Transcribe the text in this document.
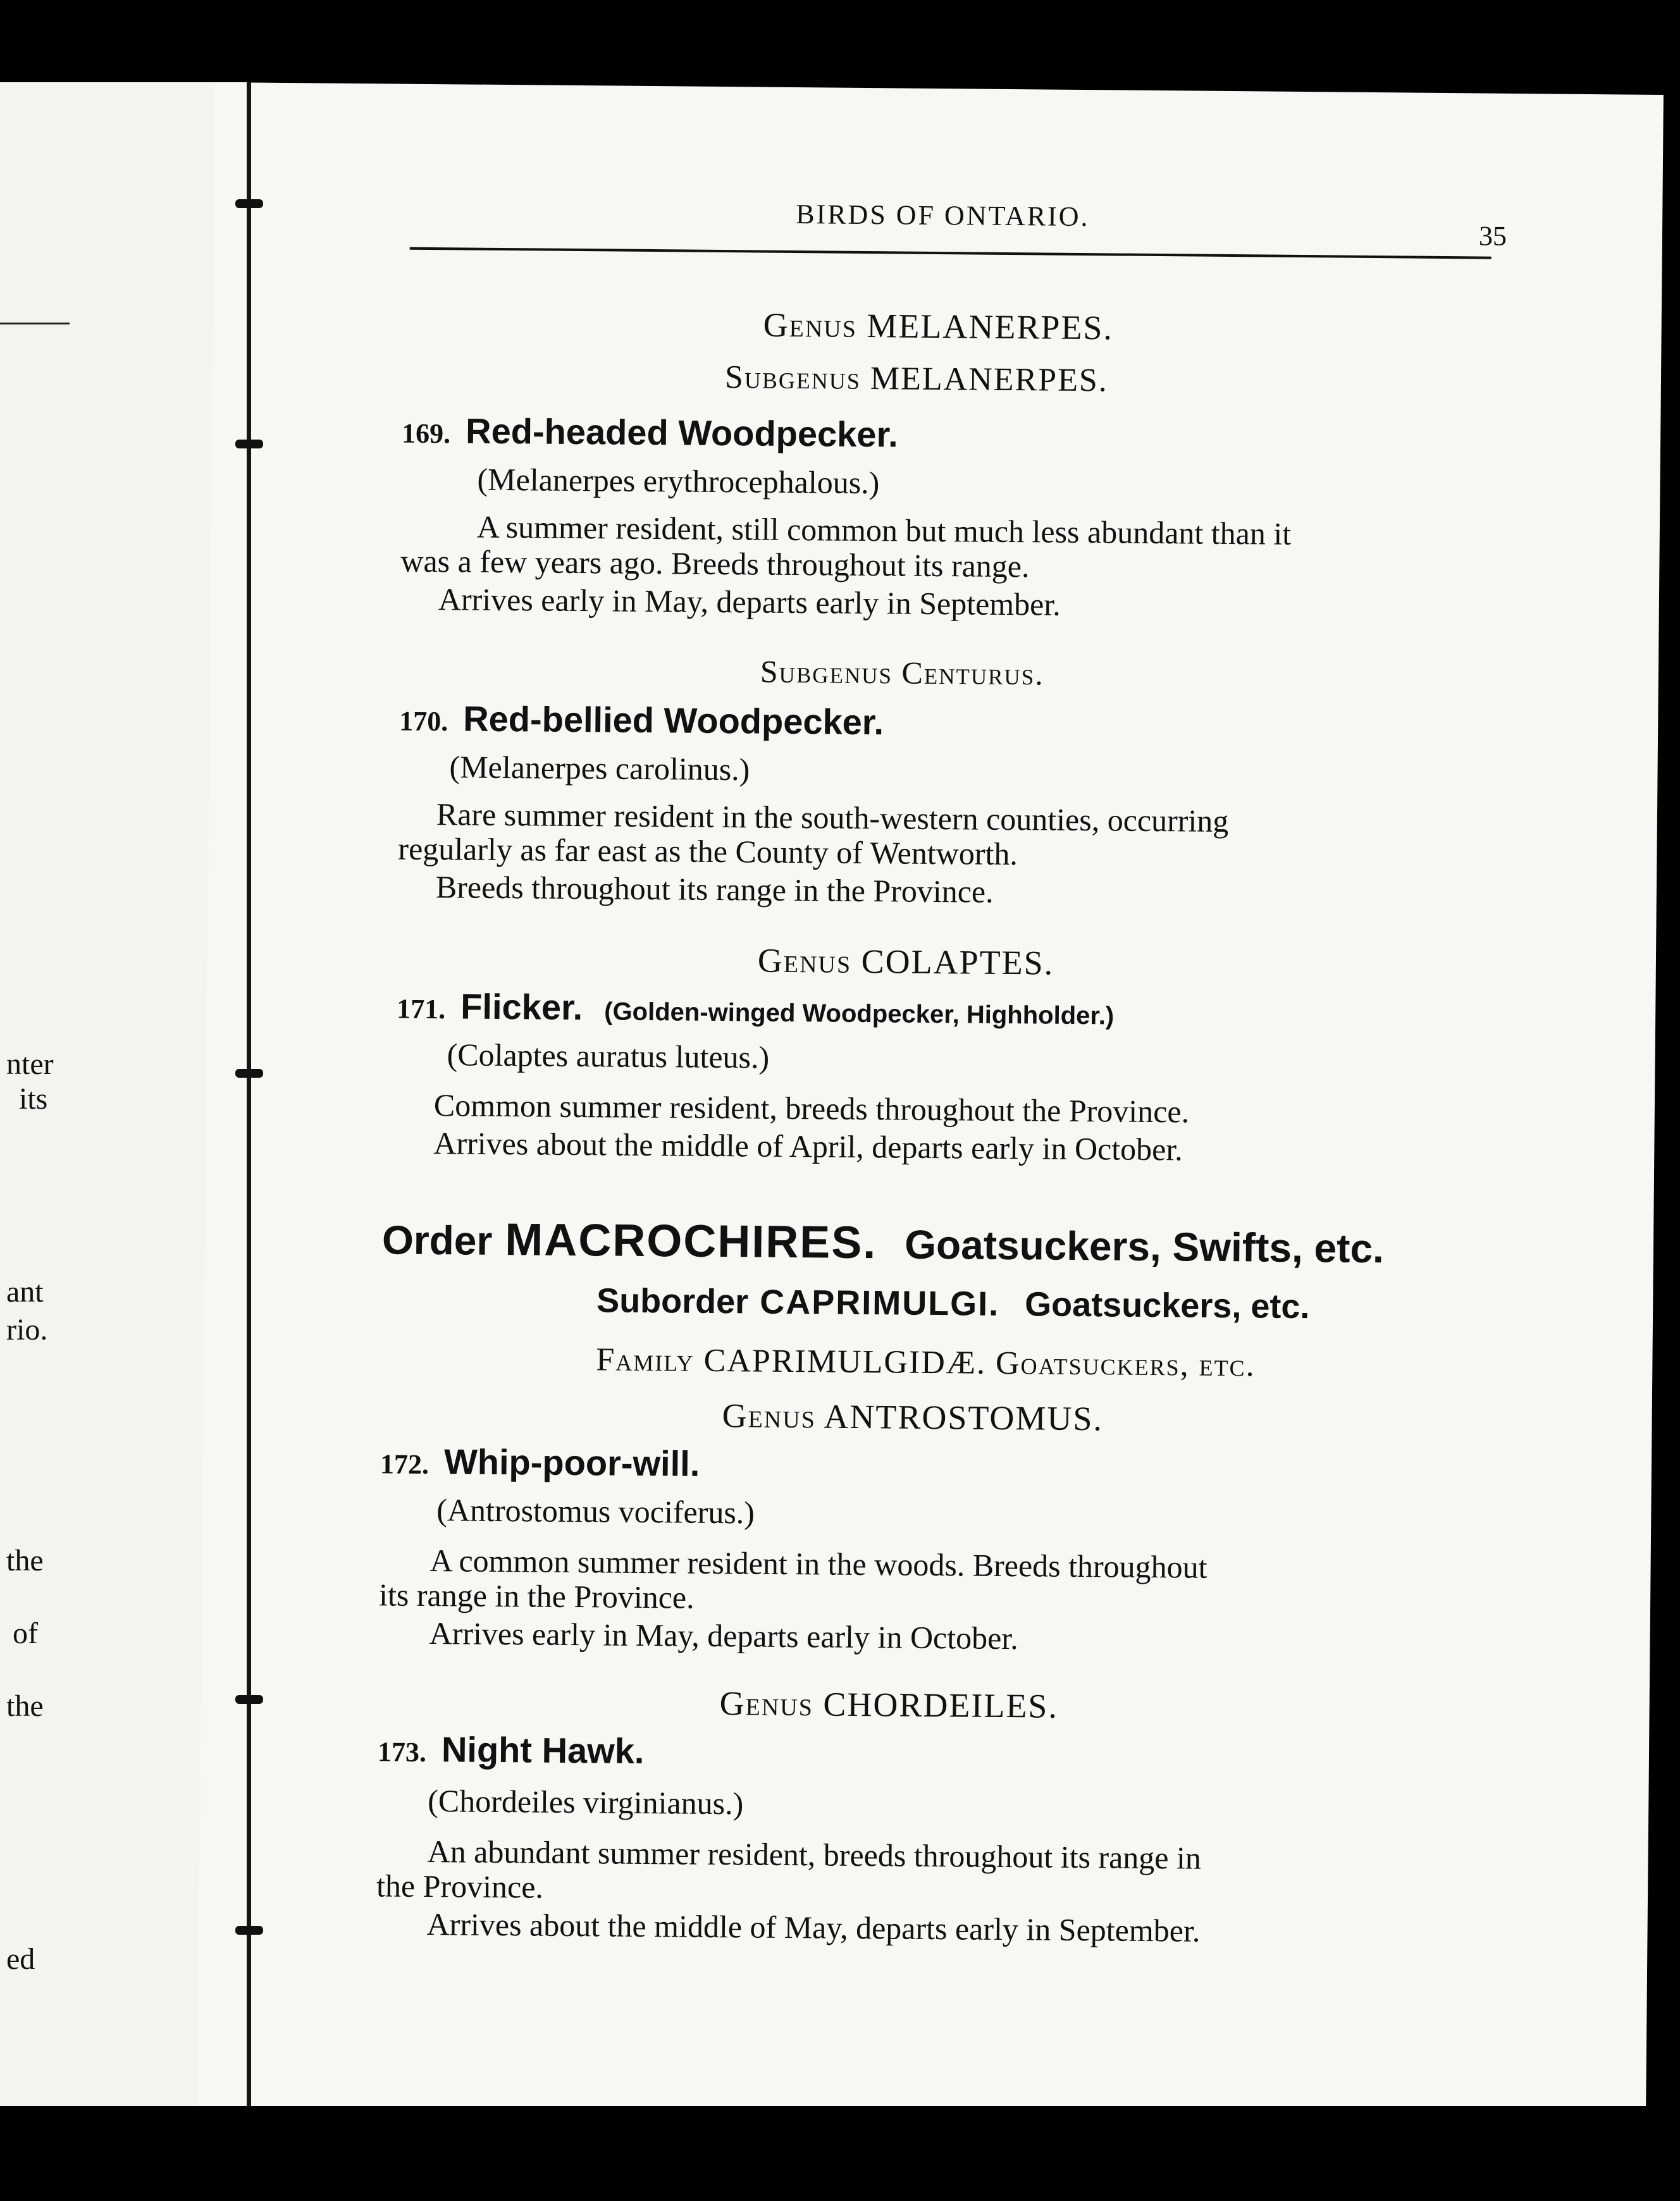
nter
its
ant
rio.
the
of
the
ed
BIRDS OF ONTARIO.
35
Genus MELANERPES.
Subgenus MELANERPES.
169. Red-headed Woodpecker.
(Melanerpes erythrocephalous.)
A summer resident, still common but much less abundant than it
was a few years ago. Breeds throughout its range.
Arrives early in May, departs early in September.
Subgenus Centurus.
170. Red-bellied Woodpecker.
(Melanerpes carolinus.)
Rare summer resident in the south-western counties, occurring
regularly as far east as the County of Wentworth.
Breeds throughout its range in the Province.
Genus COLAPTES.
171. Flicker. (Golden-winged Woodpecker, Highholder.)
(Colaptes auratus luteus.)
Common summer resident, breeds throughout the Province.
Arrives about the middle of April, departs early in October.
Order MACROCHIRES. Goatsuckers, Swifts, etc.
Suborder CAPRIMULGI. Goatsuckers, etc.
Family CAPRIMULGIDÆ. Goatsuckers, etc.
Genus ANTROSTOMUS.
172. Whip-poor-will.
(Antrostomus vociferus.)
A common summer resident in the woods. Breeds throughout
its range in the Province.
Arrives early in May, departs early in October.
Genus CHORDEILES.
173. Night Hawk.
(Chordeiles virginianus.)
An abundant summer resident, breeds throughout its range in
the Province.
Arrives about the middle of May, departs early in September.
